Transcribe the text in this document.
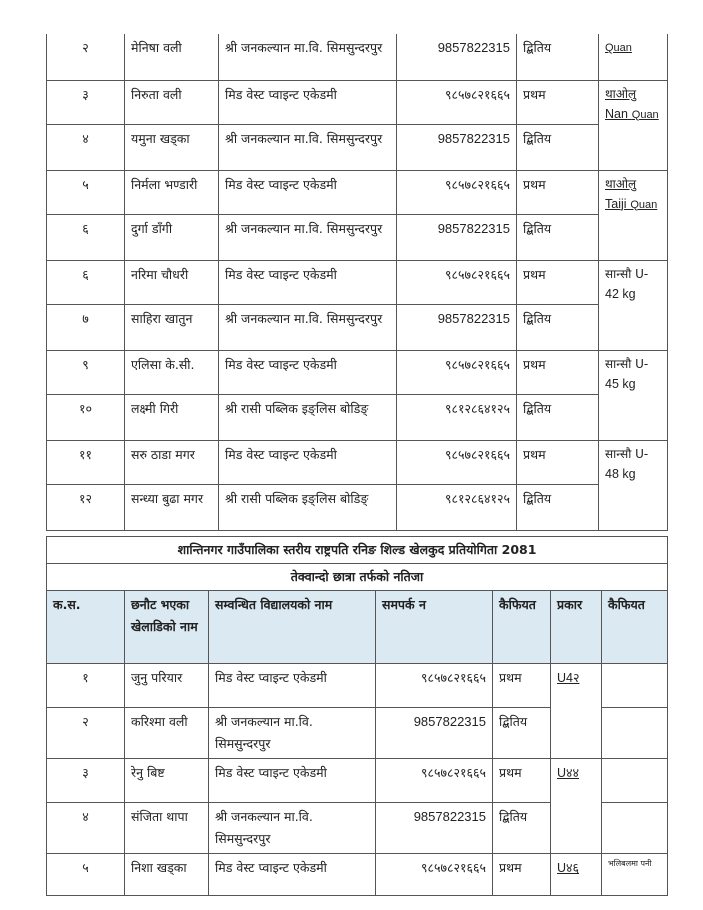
२	मेनिषा वली	श्री जनकल्यान मा.वि. सिमसुन्दरपुर	9857822315	द्बितिय	Quan
३	निरुता वली	मिड वेस्ट प्वाइन्ट एकेडमी	९८५७८२१६६५	प्रथम	थाओलु
Nan Quan
४	यमुना खड्का	श्री जनकल्यान मा.वि. सिमसुन्दरपुर	9857822315	द्बितिय	
५	निर्मला भण्डारी	मिड वेस्ट प्वाइन्ट एकेडमी	९८५७८२१६६५	प्रथम	थाओलु
Taiji Quan
६	दुर्गा डाँगी	श्री जनकल्यान मा.वि. सिमसुन्दरपुर	9857822315	द्बितिय	
६	नरिमा चौधरी	मिड वेस्ट प्वाइन्ट एकेडमी	९८५७८२१६६५	प्रथम	सान्सौ U-
42 kg
७	साहिरा खातुन	श्री जनकल्यान मा.वि. सिमसुन्दरपुर	9857822315	द्बितिय	
९	एलिसा के.सी.	मिड वेस्ट प्वाइन्ट एकेडमी	९८५७८२१६६५	प्रथम	सान्सौ U-
45 kg
१०	लक्ष्मी गिरी	श्री रासी पब्लिक इङ्लिस बोडिङ्	९८१२८६४१२५	द्बितिय	
११	सरु ठाडा मगर	मिड वेस्ट प्वाइन्ट एकेडमी	९८५७८२१६६५	प्रथम	सान्सौ U-
48 kg
१२	सन्ध्या बुढा मगर	श्री रासी पब्लिक इङ्लिस बोडिङ्	९८१२८६४१२५	द्बितिय	
शान्तिनगर गाउँपालिका स्तरीय राष्ट्रपति रनिङ शिल्ड खेलकुद प्रतियोगिता 2081						
तेक्वान्दो छात्रा तर्फको नतिजा						
क.स.	छनौट भएका खेलाडिको नाम	सम्वन्धित विद्यालयको नाम	समपर्क न	कैफियत	प्रकार	कैफियत
१	जुनु परियार	मिड वेस्ट प्वाइन्ट एकेडमी	९८५७८२१६६५	प्रथम	U4२	
२	करिश्मा वली	श्री जनकल्यान मा.वि. सिमसुन्दरपुर	9857822315	द्बितिय		
३	रेनु बिष्ट	मिड वेस्ट प्वाइन्ट एकेडमी	९८५७८२१६६५	प्रथम	U४४	
४	संजिता थापा	श्री जनकल्यान मा.वि. सिमसुन्दरपुर	9857822315	द्बितिय		
५	निशा खड्का	मिड वेस्ट प्वाइन्ट एकेडमी	९८५७८२१६६५	प्रथम	U४६	भलिबलमा पनी
